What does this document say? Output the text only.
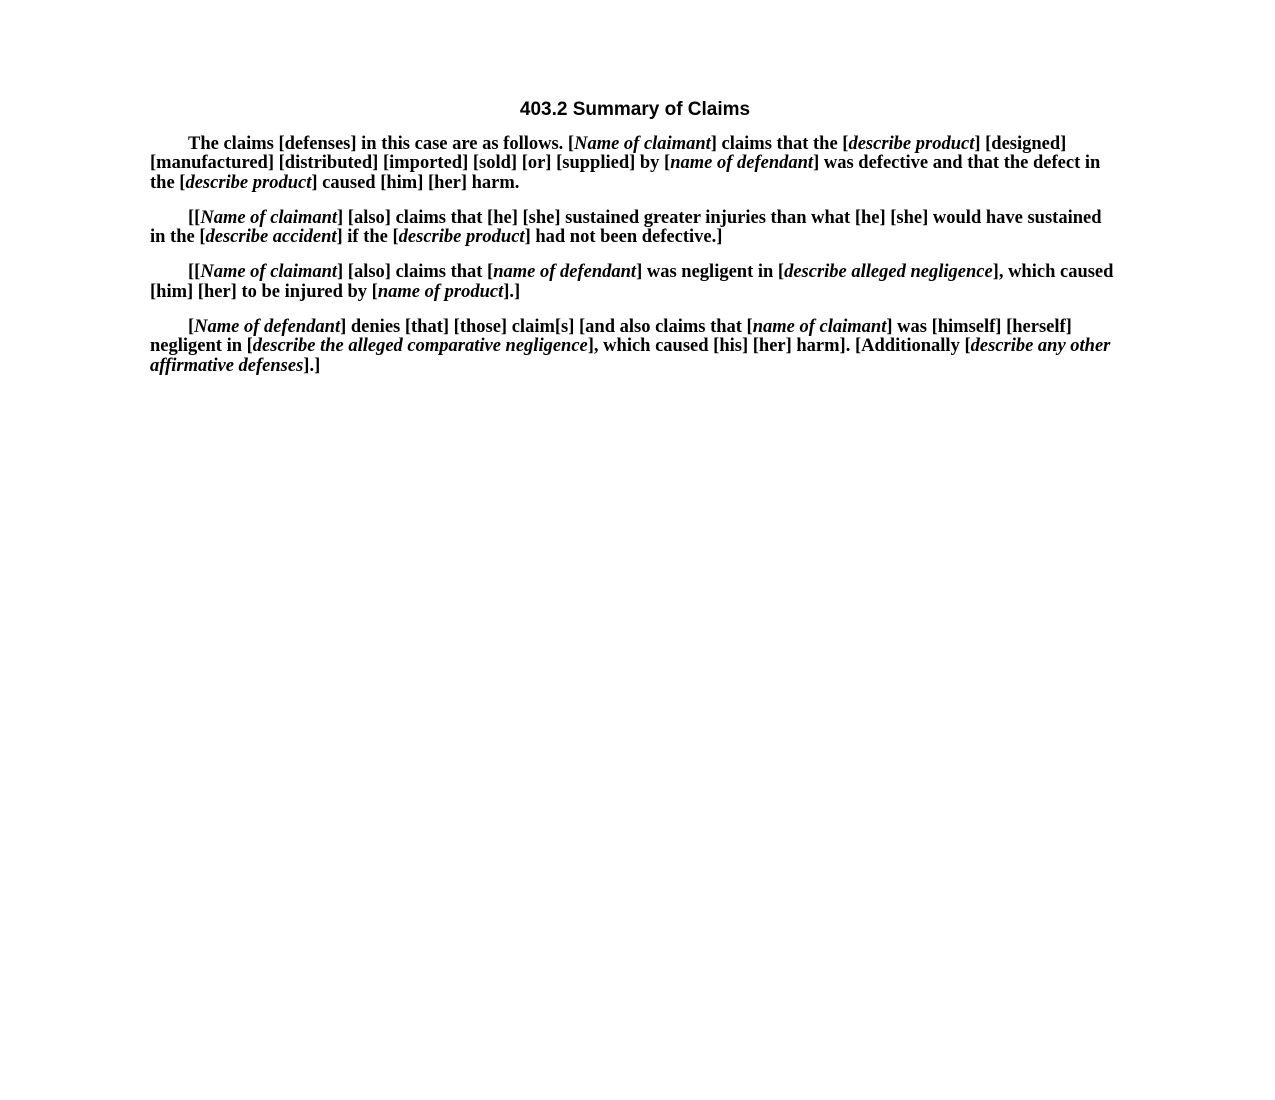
403.2 Summary of Claims

The claims [defenses] in this case are as follows. [Name of claimant] claims that the [describe product] [designed] [manufactured] [distributed] [imported] [sold] [or] [supplied] by [name of defendant] was defective and that the defect in the [describe product] caused [him] [her] harm.

[[Name of claimant] [also] claims that [he] [she] sustained greater injuries than what [he] [she] would have sustained in the [describe accident] if the [describe product] had not been defective.]

[[Name of claimant] [also] claims that [name of defendant] was negligent in [describe alleged negligence], which caused [him] [her] to be injured by [name of product].]

[Name of defendant] denies [that] [those] claim[s] [and also claims that [name of claimant] was [himself] [herself] negligent in [describe the alleged comparative negligence], which caused [his] [her] harm]. [Additionally [describe any other affirmative defenses].]
